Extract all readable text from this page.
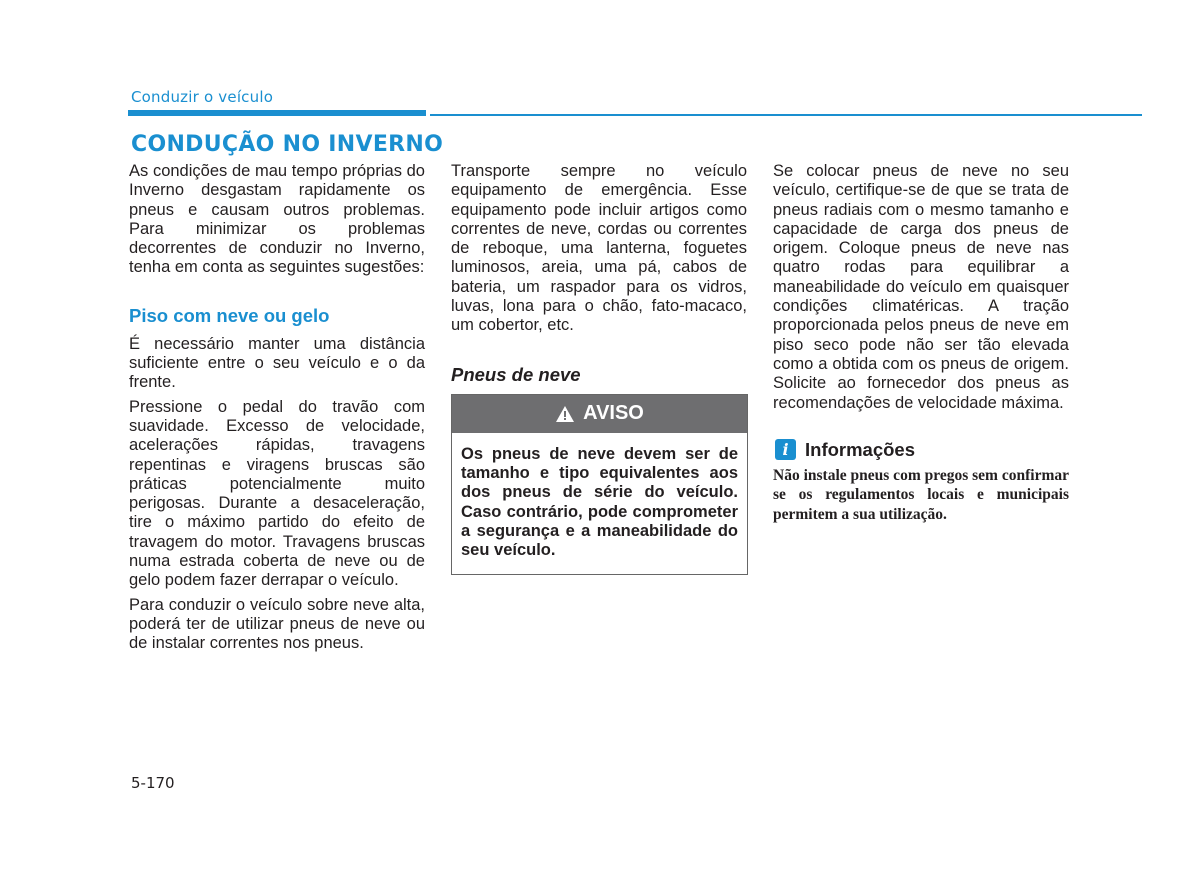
Conduzir o veículo
CONDUÇÃO NO INVERNO

As condições de mau tempo próprias do Inverno desgastam rapidamente os pneus e causam outros problemas. Para minimizar os problemas decorrentes de conduzir no Inverno, tenha em conta as seguintes sugestões:

Piso com neve ou gelo

É necessário manter uma distância suficiente entre o seu veículo e o da frente.

Pressione o pedal do travão com suavidade. Excesso de velocidade, acelerações rápidas, travagens repentinas e viragens bruscas são práticas potencialmente muito perigosas. Durante a desaceleração, tire o máximo partido do efeito de travagem do motor. Travagens bruscas numa estrada coberta de neve ou de gelo podem fazer derrapar o veículo.

Para conduzir o veículo sobre neve alta, poderá ter de utilizar pneus de neve ou de instalar correntes nos pneus.

Transporte sempre no veículo equipamento de emergência. Esse equipamento pode incluir artigos como correntes de neve, cordas ou correntes de reboque, uma lanterna, foguetes luminosos, areia, uma pá, cabos de bateria, um raspador para os vidros, luvas, lona para o chão, fato-macaco, um cobertor, etc.

Pneus de neve
AVISO
Os pneus de neve devem ser de tamanho e tipo equivalentes aos dos pneus de série do veículo. Caso contrário, pode comprometer a segurança e a maneabilidade do seu veículo.

Se colocar pneus de neve no seu veículo, certifique-se de que se trata de pneus radiais com o mesmo tamanho e capacidade de carga dos pneus de origem. Coloque pneus de neve nas quatro rodas para equilibrar a maneabilidade do veículo em quaisquer condições climatéricas. A tração proporcionada pelos pneus de neve em piso seco pode não ser tão elevada como a obtida com os pneus de origem. Solicite ao fornecedor dos pneus as recomendações de velocidade máxima.

i Informações
Não instale pneus com pregos sem confirmar se os regulamentos locais e municipais permitem a sua utilização.
5-170
